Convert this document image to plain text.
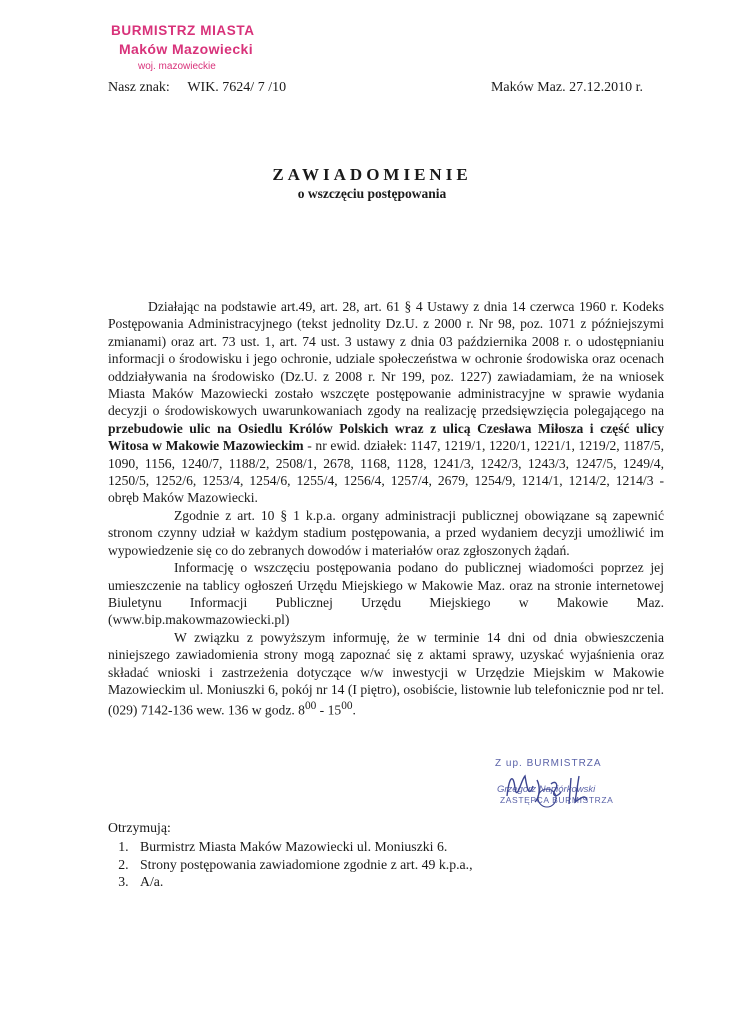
BURMISTRZ MIASTA
Maków Mazowiecki
woj. mazowieckie
Nasz znak: WIK. 7624/ 7 /10	Maków Maz. 27.12.2010 r.
ZAWIADOMIENIE
o wszczęciu postępowania

Działając na podstawie art.49, art. 28, art. 61 § 4 Ustawy z dnia 14 czerwca 1960 r. Kodeks Postępowania Administracyjnego (tekst jednolity Dz.U. z 2000 r. Nr 98, poz. 1071 z późniejszymi zmianami) oraz art. 73 ust. 1, art. 74 ust. 3 ustawy z dnia 03 października 2008 r. o udostępnianiu informacji o środowisku i jego ochronie, udziale społeczeństwa w ochronie środowiska oraz ocenach oddziaływania na środowisko (Dz.U. z 2008 r. Nr 199, poz. 1227) zawiadamiam, że na wniosek Miasta Maków Mazowiecki zostało wszczęte postępowanie administracyjne w sprawie wydania decyzji o środowiskowych uwarunkowaniach zgody na realizację przedsięwzięcia polegającego na przebudowie ulic na Osiedlu Królów Polskich wraz z ulicą Czesława Miłosza i część ulicy Witosa w Makowie Mazowieckim - nr ewid. działek: 1147, 1219/1, 1220/1, 1221/1, 1219/2, 1187/5, 1090, 1156, 1240/7, 1188/2, 2508/1, 2678, 1168, 1128, 1241/3, 1242/3, 1243/3, 1247/5, 1249/4, 1250/5, 1252/6, 1253/4, 1254/6, 1255/4, 1256/4, 1257/4, 2679, 1254/9, 1214/1, 1214/2, 1214/3 - obręb Maków Mazowiecki.

Zgodnie z art. 10 § 1 k.p.a. organy administracji publicznej obowiązane są zapewnić stronom czynny udział w każdym stadium postępowania, a przed wydaniem decyzji umożliwić im wypowiedzenie się co do zebranych dowodów i materiałów oraz zgłoszonych żądań.

Informację o wszczęciu postępowania podano do publicznej wiadomości poprzez jej umieszczenie na tablicy ogłoszeń Urzędu Miejskiego w Makowie Maz. oraz na stronie internetowej Biuletynu Informacji Publicznej Urzędu Miejskiego w Makowie Maz. (www.bip.makowmazowiecki.pl)

W związku z powyższym informuję, że w terminie 14 dni od dnia obwieszczenia niniejszego zawiadomienia strony mogą zapoznać się z aktami sprawy, uzyskać wyjaśnienia oraz składać wnioski i zastrzeżenia dotyczące w/w inwestycji w Urzędzie Miejskim w Makowie Mazowieckim ul. Moniuszki 6, pokój nr 14 (I piętro), osobiście, listownie lub telefonicznie pod nr tel. (029) 7142-136 wew. 136 w godz. $8^{00} - 15^{00}$.

Z up. BURMISTRZA
Grzegorz Napiórkowski
ZASTĘPCA BURMISTRZA
Otrzymują:
1. Burmistrz Miasta Maków Mazowiecki ul. Moniuszki 6.
2. Strony postępowania zawiadomione zgodnie z art. 49 k.p.a.,
3. A/a.
